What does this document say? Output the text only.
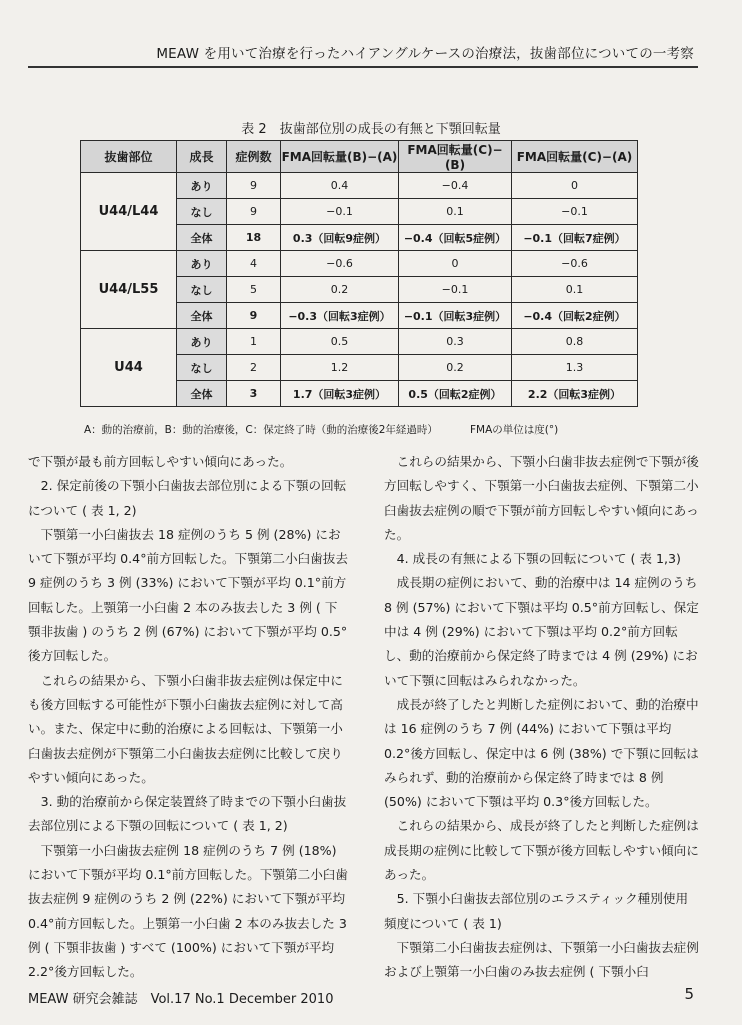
MEAW を用いて治療を行ったハイアングルケースの治療法，抜歯部位についての一考察
表 2　抜歯部位別の成長の有無と下顎回転量
抜歯部位	成長	症例数	FMA回転量(B)−(A)	FMA回転量(C)−(B)	FMA回転量(C)−(A)
U44/L44	あり	9	0.4	−0.4	0
	なし	9	−0.1	0.1	−0.1
	全体	18	0.3（回転9症例）	−0.4（回転5症例）	−0.1（回転7症例）
U44/L55	あり	4	−0.6	0	−0.6
	なし	5	0.2	−0.1	0.1
	全体	9	−0.3（回転3症例）	−0.1（回転3症例）	−0.4（回転2症例）
U44	あり	1	0.5	0.3	0.8
	なし	2	1.2	0.2	1.3
	全体	3	1.7（回転3症例）	0.5（回転2症例）	2.2（回転3症例）
A：動的治療前，B：動的治療後，C：保定終了時（動的治療後2年経過時）	FMAの単位は度(°)

で下顎が最も前方回転しやすい傾向にあった。

2. 保定前後の下顎小臼歯抜去部位別による下顎の回転について ( 表 1, 2)

下顎第一小臼歯抜去 18 症例のうち 5 例 (28%) において下顎が平均 0.4°前方回転した。下顎第二小臼歯抜去 9 症例のうち 3 例 (33%) において下顎が平均 0.1°前方回転した。上顎第一小臼歯 2 本のみ抜去した 3 例 ( 下顎非抜歯 ) のうち 2 例 (67%) において下顎が平均 0.5°後方回転した。

これらの結果から、下顎小臼歯非抜去症例は保定中にも後方回転する可能性が下顎小臼歯抜去症例に対して高い。また、保定中に動的治療による回転は、下顎第一小臼歯抜去症例が下顎第二小臼歯抜去症例に比較して戻りやすい傾向にあった。

3. 動的治療前から保定装置終了時までの下顎小臼歯抜去部位別による下顎の回転について ( 表 1, 2)

下顎第一小臼歯抜去症例 18 症例のうち 7 例 (18%) において下顎が平均 0.1°前方回転した。下顎第二小臼歯抜去症例 9 症例のうち 2 例 (22%) において下顎が平均 0.4°前方回転した。上顎第一小臼歯 2 本のみ抜去した 3 例 ( 下顎非抜歯 ) すべて (100%) において下顎が平均 2.2°後方回転した。

これらの結果から、下顎小臼歯非抜去症例で下顎が後方回転しやすく、下顎第一小臼歯抜去症例、下顎第二小臼歯抜去症例の順で下顎が前方回転しやすい傾向にあった。

4. 成長の有無による下顎の回転について ( 表 1,3)

成長期の症例において、動的治療中は 14 症例のうち 8 例 (57%) において下顎は平均 0.5°前方回転し、保定中は 4 例 (29%) において下顎は平均 0.2°前方回転し、動的治療前から保定終了時までは 4 例 (29%) において下顎に回転はみられなかった。

成長が終了したと判断した症例において、動的治療中は 16 症例のうち 7 例 (44%) において下顎は平均 0.2°後方回転し、保定中は 6 例 (38%) で下顎に回転はみられず、動的治療前から保定終了時までは 8 例 (50%) において下顎は平均 0.3°後方回転した。

これらの結果から、成長が終了したと判断した症例は成長期の症例に比較して下顎が後方回転しやすい傾向にあった。

5. 下顎小臼歯抜去部位別のエラスティック種別使用頻度について ( 表 1)

下顎第二小臼歯抜去症例は、下顎第一小臼歯抜去症例および上顎第一小臼歯のみ抜去症例 ( 下顎小臼

MEAW 研究会雑誌　Vol.17 No.1 December 2010	5
